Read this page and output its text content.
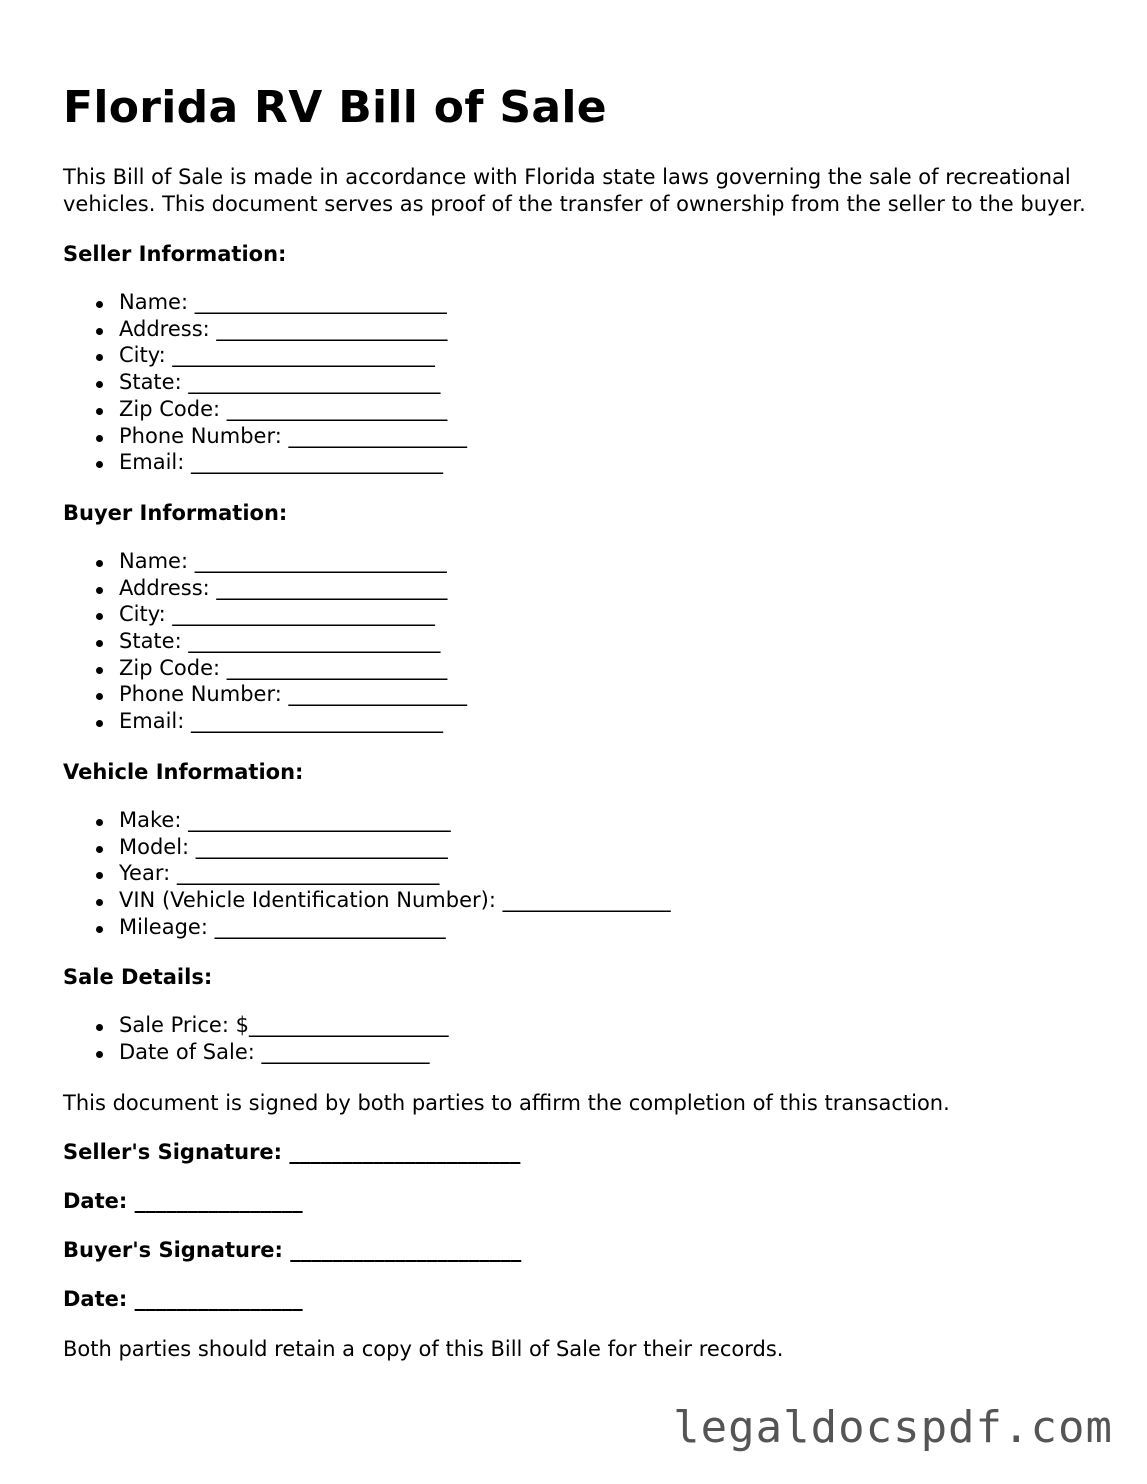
Florida RV Bill of Sale

This Bill of Sale is made in accordance with Florida state laws governing the sale of recreational vehicles. This document serves as proof of the transfer of ownership from the seller to the buyer.

Seller Information:
Name: ________________________
Address: ______________________
City: _________________________
State: ________________________
Zip Code: _____________________
Phone Number: _________________
Email: ________________________
Buyer Information:
Name: ________________________
Address: ______________________
City: _________________________
State: ________________________
Zip Code: _____________________
Phone Number: _________________
Email: ________________________
Vehicle Information:
Make: _________________________
Model: ________________________
Year: _________________________
VIN (Vehicle Identification Number): ________________
Mileage: ______________________
Sale Details:
Sale Price: $___________________
Date of Sale: ________________

This document is signed by both parties to affirm the completion of this transaction.

Seller's Signature: ______________________
Date: ________________
Buyer's Signature: ______________________
Date: ________________

Both parties should retain a copy of this Bill of Sale for their records.

legaldocspdf.com
